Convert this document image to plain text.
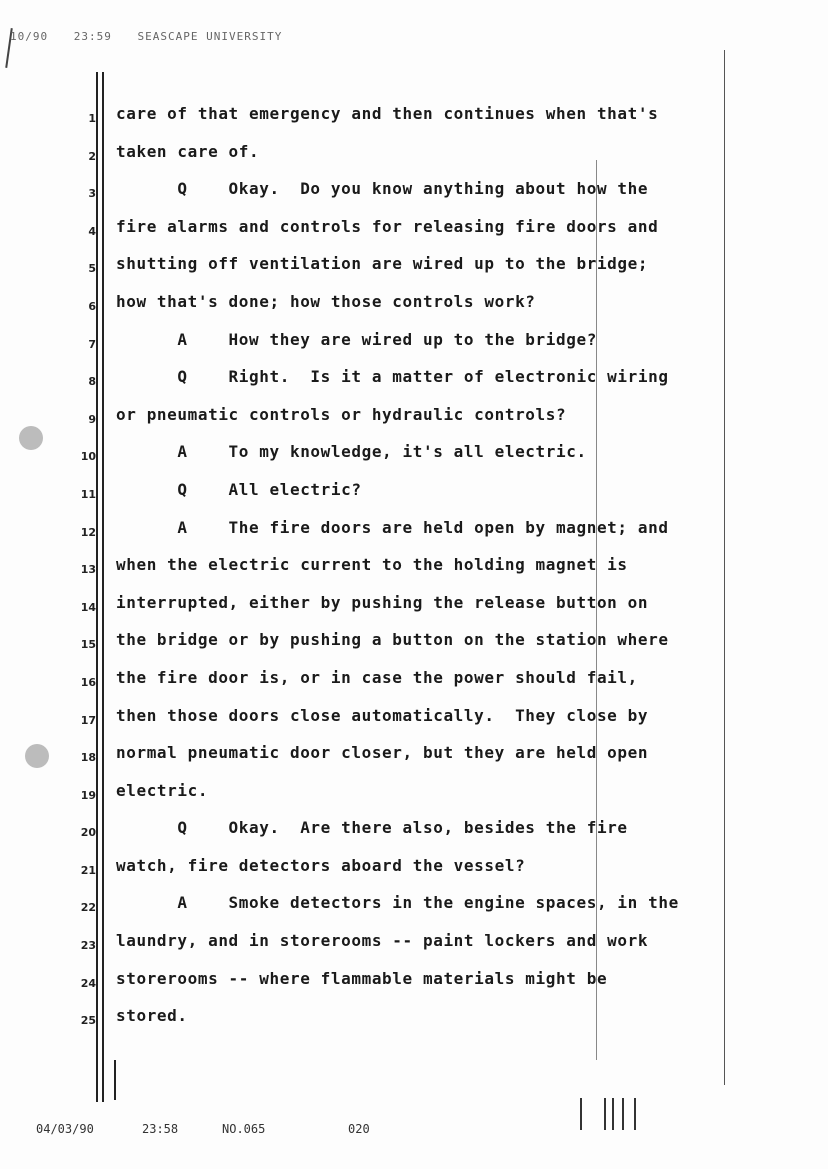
10/90 23:59 SEASCAPE UNIVERSITY
1 care of that emergency and then continues when that's
2 taken care of.
3 Q    Okay.  Do you know anything about how the
4 fire alarms and controls for releasing fire doors and
5 shutting off ventilation are wired up to the bridge;
6 how that's done; how those controls work?
7 A    How they are wired up to the bridge?
8 Q    Right.  Is it a matter of electronic wiring
9 or pneumatic controls or hydraulic controls?
10 A    To my knowledge, it's all electric.
11 Q    All electric?
12 A    The fire doors are held open by magnet; and
13 when the electric current to the holding magnet is
14 interrupted, either by pushing the release button on
15 the bridge or by pushing a button on the station where
16 the fire door is, or in case the power should fail,
17 then those doors close automatically.  They close by
18 normal pneumatic door closer, but they are held open
19 electric.
20 Q    Okay.  Are there also, besides the fire
21 watch, fire detectors aboard the vessel?
22 A    Smoke detectors in the engine spaces, in the
23 laundry, and in storerooms -- paint lockers and work
24 storerooms -- where flammable materials might be
25 stored.
04/03/90	23:58	NO.065	020
